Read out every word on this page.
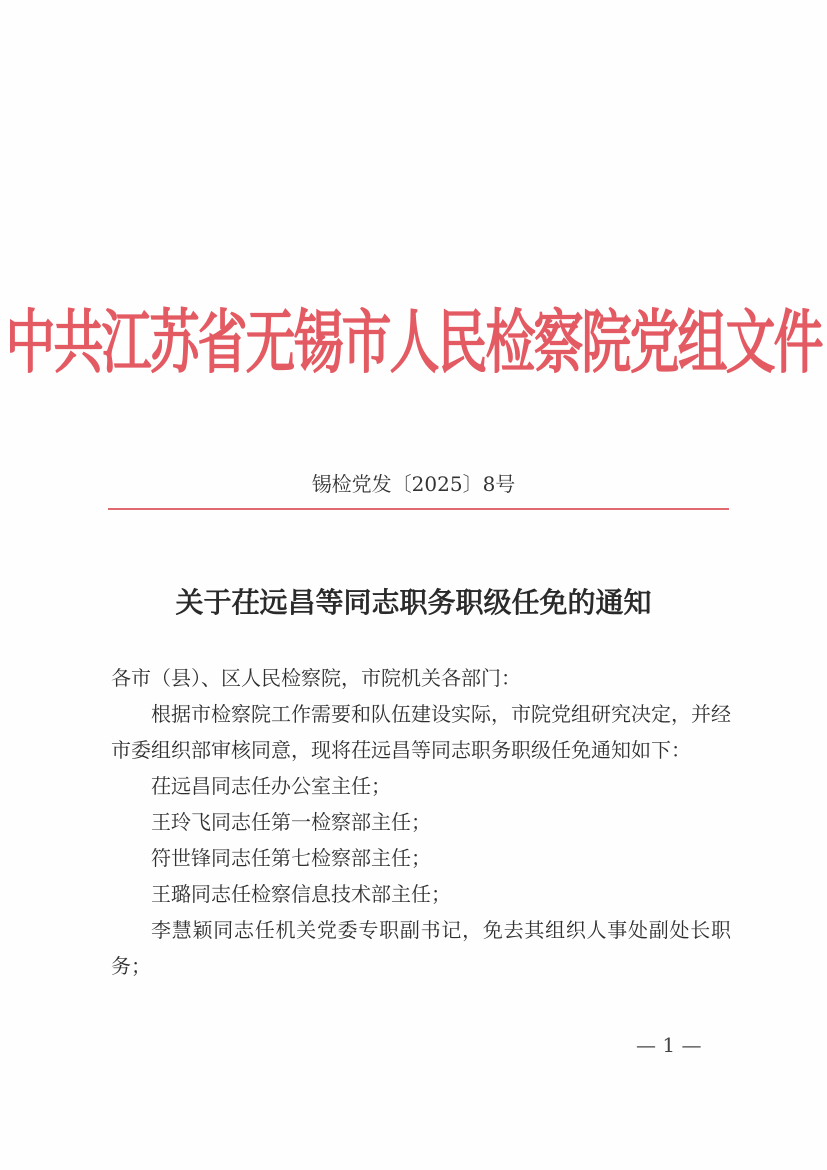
中共江苏省无锡市人民检察院党组文件
锡检党发〔2025〕8号
关于茌远昌等同志职务职级任免的通知

各市（县）、区人民检察院，市院机关各部门：

根据市检察院工作需要和队伍建设实际，市院党组研究决定，并经市委组织部审核同意，现将茌远昌等同志职务职级任免通知如下：

茌远昌同志任办公室主任；

王玲飞同志任第一检察部主任；

符世锋同志任第七检察部主任；

王璐同志任检察信息技术部主任；

李慧颖同志任机关党委专职副书记，免去其组织人事处副处长职务；

— 1 —
